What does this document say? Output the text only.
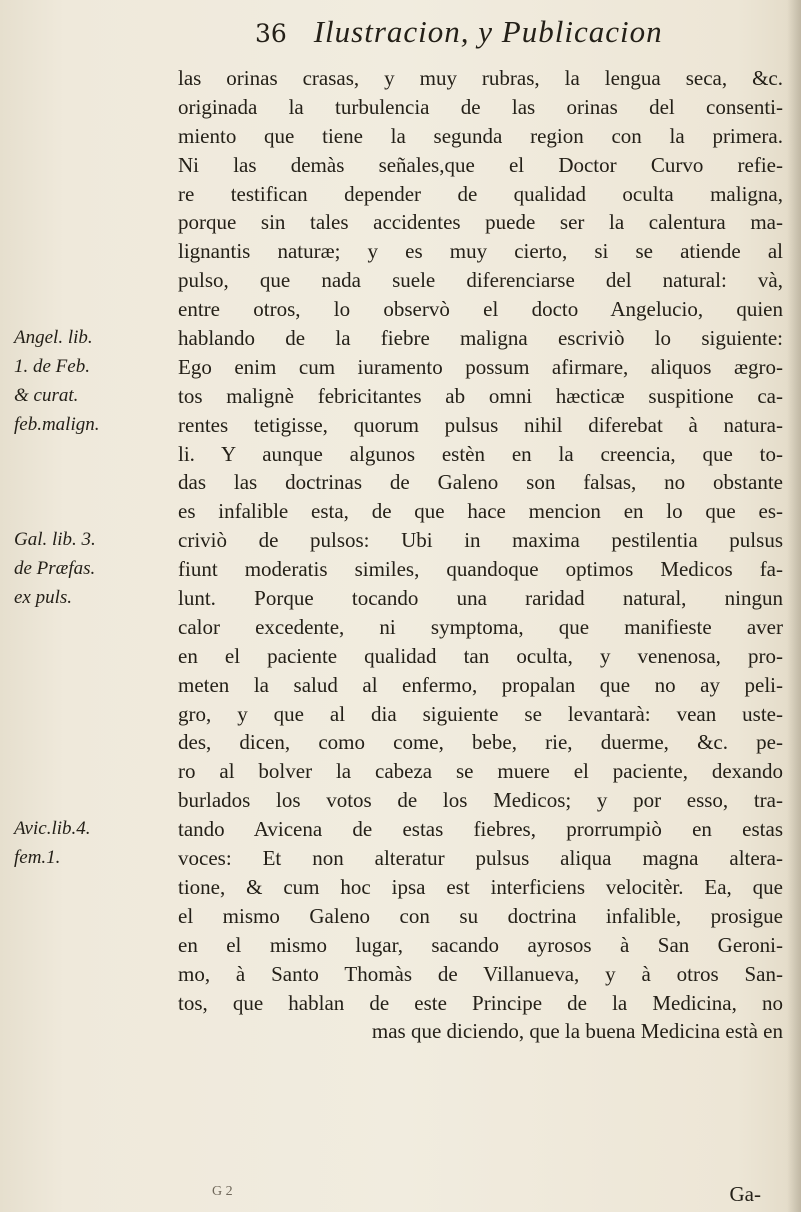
36 Ilustracion, y Publicacion
las orinas crasas, y muy rubras, la lengua seca, &c.
originada la turbulencia de las orinas del consenti-
miento que tiene la segunda region con la primera.
Ni las demàs señales,que el Doctor Curvo refie-
re testifican depender de qualidad oculta maligna,
porque sin tales accidentes puede ser la calentura ma-
lignantis naturæ; y es muy cierto, si se atiende al
pulso, que nada suele diferenciarse del natural: và,
entre otros, lo observò el docto Angelucio, quien
hablando de la fiebre maligna escriviò lo siguiente:
Ego enim cum iuramento possum afirmare, aliquos ægro-
tos malignè febricitantes ab omni hæcticæ suspitione ca-
rentes tetigisse, quorum pulsus nihil diferebat à natura-
li. Y aunque algunos estèn en la creencia, que to-
das las doctrinas de Galeno son falsas, no obstante
es infalible esta, de que hace mencion en lo que es-
criviò de pulsos: Ubi in maxima pestilentia pulsus
fiunt moderatis similes, quandoque optimos Medicos fa-
lunt. Porque tocando una raridad natural, ningun
calor excedente, ni symptoma, que manifieste aver
en el paciente qualidad tan oculta, y venenosa, pro-
meten la salud al enfermo, propalan que no ay peli-
gro, y que al dia siguiente se levantarà: vean uste-
des, dicen, como come, bebe, rie, duerme, &c. pe-
ro al bolver la cabeza se muere el paciente, dexando
burlados los votos de los Medicos; y por esso, tra-
tando Avicena de estas fiebres, prorrumpiò en estas
voces: Et non alteratur pulsus aliqua magna altera-
tione, & cum hoc ipsa est interficiens velocitèr. Ea, que
el mismo Galeno con su doctrina infalible, prosigue
en el mismo lugar, sacando ayrosos à San Geroni-
mo, à Santo Thomàs de Villanueva, y à otros San-
tos, que hablan de este Principe de la Medicina, no
mas que diciendo, que la buena Medicina està en
Angel. lib.
1. de Feb.
& curat.
feb.malign.
Gal. lib. 3.
de Præfas.
ex puls.
Avic.lib.4.
fem.1.
G 2	Ga-
